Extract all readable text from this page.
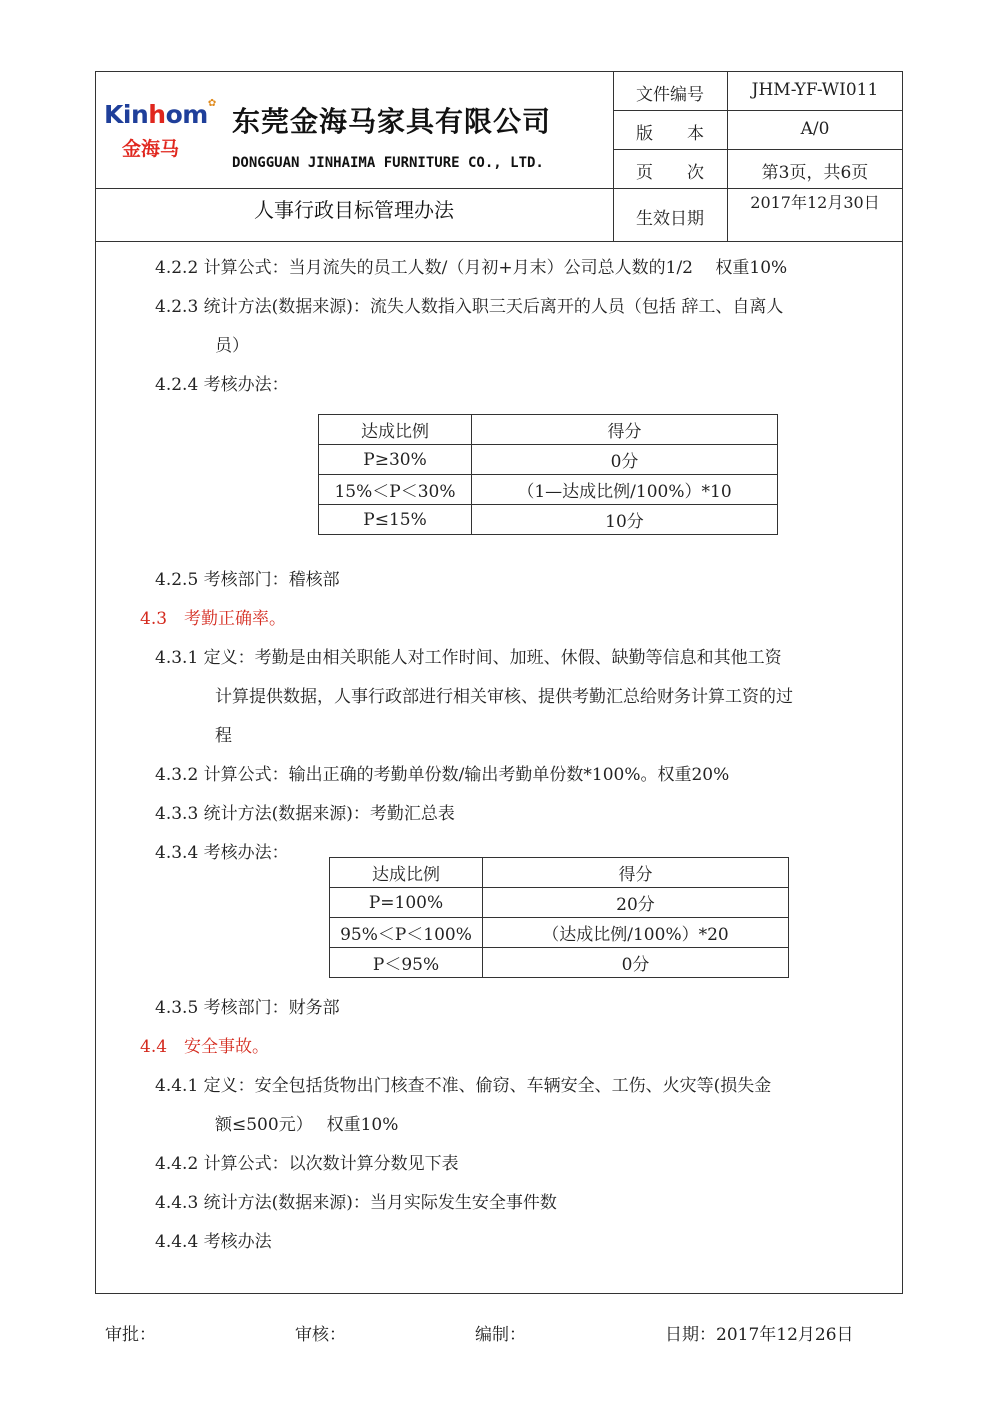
Kinhom ✿
金海马
东莞金海马家具有限公司
DONGGUAN JINHAIMA FURNITURE CO., LTD.
文件编号	JHM-YF-WI011
版　　本	A/0
页　　次	第3页，共6页
人事行政目标管理办法	生效日期
2017年12月30日
4.2.2 计算公式：当月流失的员工人数/（月初+月末）公司总人数的1/2　 权重10%
4.2.3 统计方法(数据来源)：流失人数指入职三天后离开的人员（包括 辞工、自离人
员）
4.2.4 考核办法：
达成比例	得分
P≥30%	0分
15%＜P＜30%	（1—达成比例/100%）*10
P≤15%	10分
4.2.5 考核部门：稽核部
4.3　考勤正确率。
4.3.1 定义：考勤是由相关职能人对工作时间、加班、休假、缺勤等信息和其他工资
计算提供数据，人事行政部进行相关审核、提供考勤汇总给财务计算工资的过
程
4.3.2 计算公式：输出正确的考勤单份数/输出考勤单份数*100%。权重20%
4.3.3 统计方法(数据来源)：考勤汇总表
4.3.4 考核办法：
达成比例	得分
P=100%	20分
95%＜P＜100%	（达成比例/100%）*20
P＜95%	0分
4.3.5 考核部门：财务部
4.4　安全事故。
4.4.1 定义：安全包括货物出门核查不准、偷窃、车辆安全、工伤、火灾等(损失金
额≤500元）　 权重10%
4.4.2 计算公式：以次数计算分数见下表
4.4.3 统计方法(数据来源)：当月实际发生安全事件数
4.4.4 考核办法
审批：	审核：	编制：	日期：2017年12月26日
